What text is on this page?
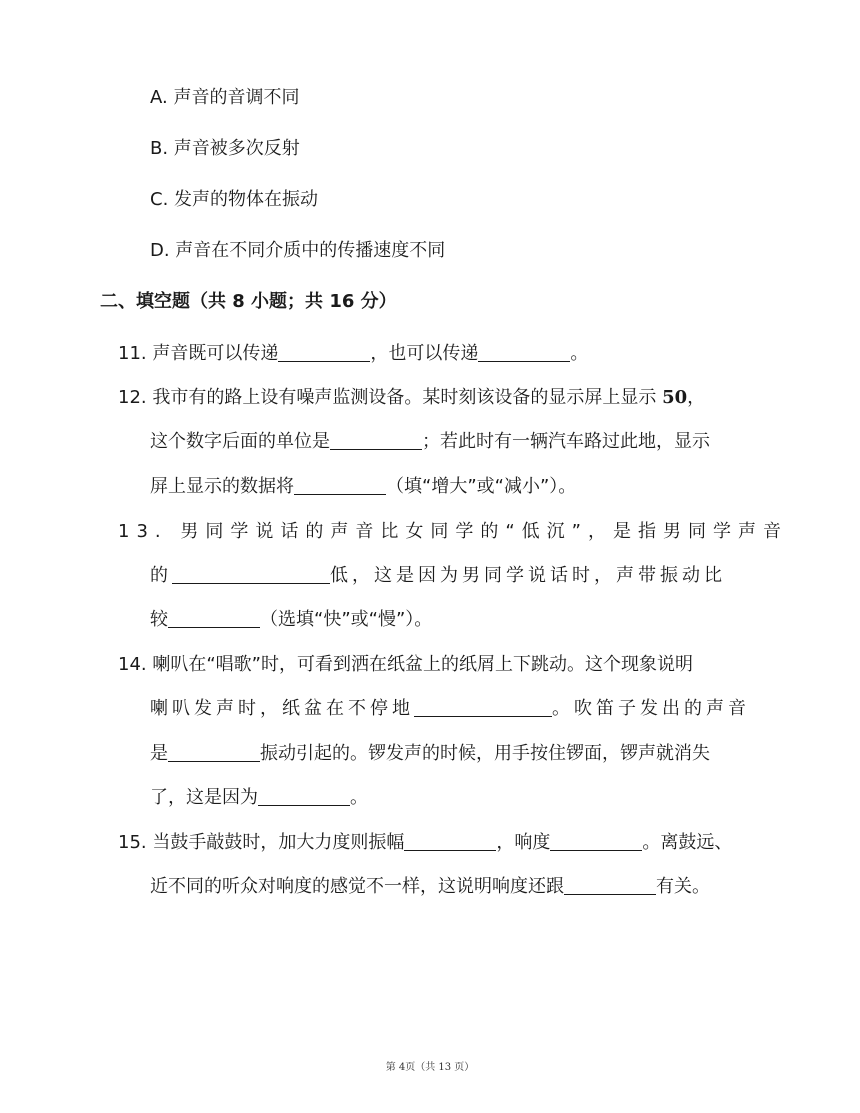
A. 声音的音调不同
B. 声音被多次反射
C. 发声的物体在振动
D. 声音在不同介质中的传播速度不同
二、填空题（共 8 小题；共 16 分）
11. 声音既可以传递	，也可以传递	。
12. 我市有的路上设有噪声监测设备。某时刻该设备的显示屏上显示 50，
这个数字后面的单位是	；若此时有一辆汽车路过此地，显示
屏上显示的数据将	（填“增大”或“减小”）。
13. 男同学说话的声音比女同学的“低沉”，是指男同学声音
的	低，这是因为男同学说话时，声带振动比
较	（选填“快”或“慢”）。
14. 喇叭在“唱歌”时，可看到洒在纸盆上的纸屑上下跳动。这个现象说明
喇叭发声时，纸盆在不停地	。吹笛子发出的声音
是	振动引起的。锣发声的时候，用手按住锣面，锣声就消失
了，这是因为	。
15. 当鼓手敲鼓时，加大力度则振幅	，响度	。离鼓远、
近不同的听众对响度的感觉不一样，这说明响度还跟	有关。
第 4页（共 13 页）
